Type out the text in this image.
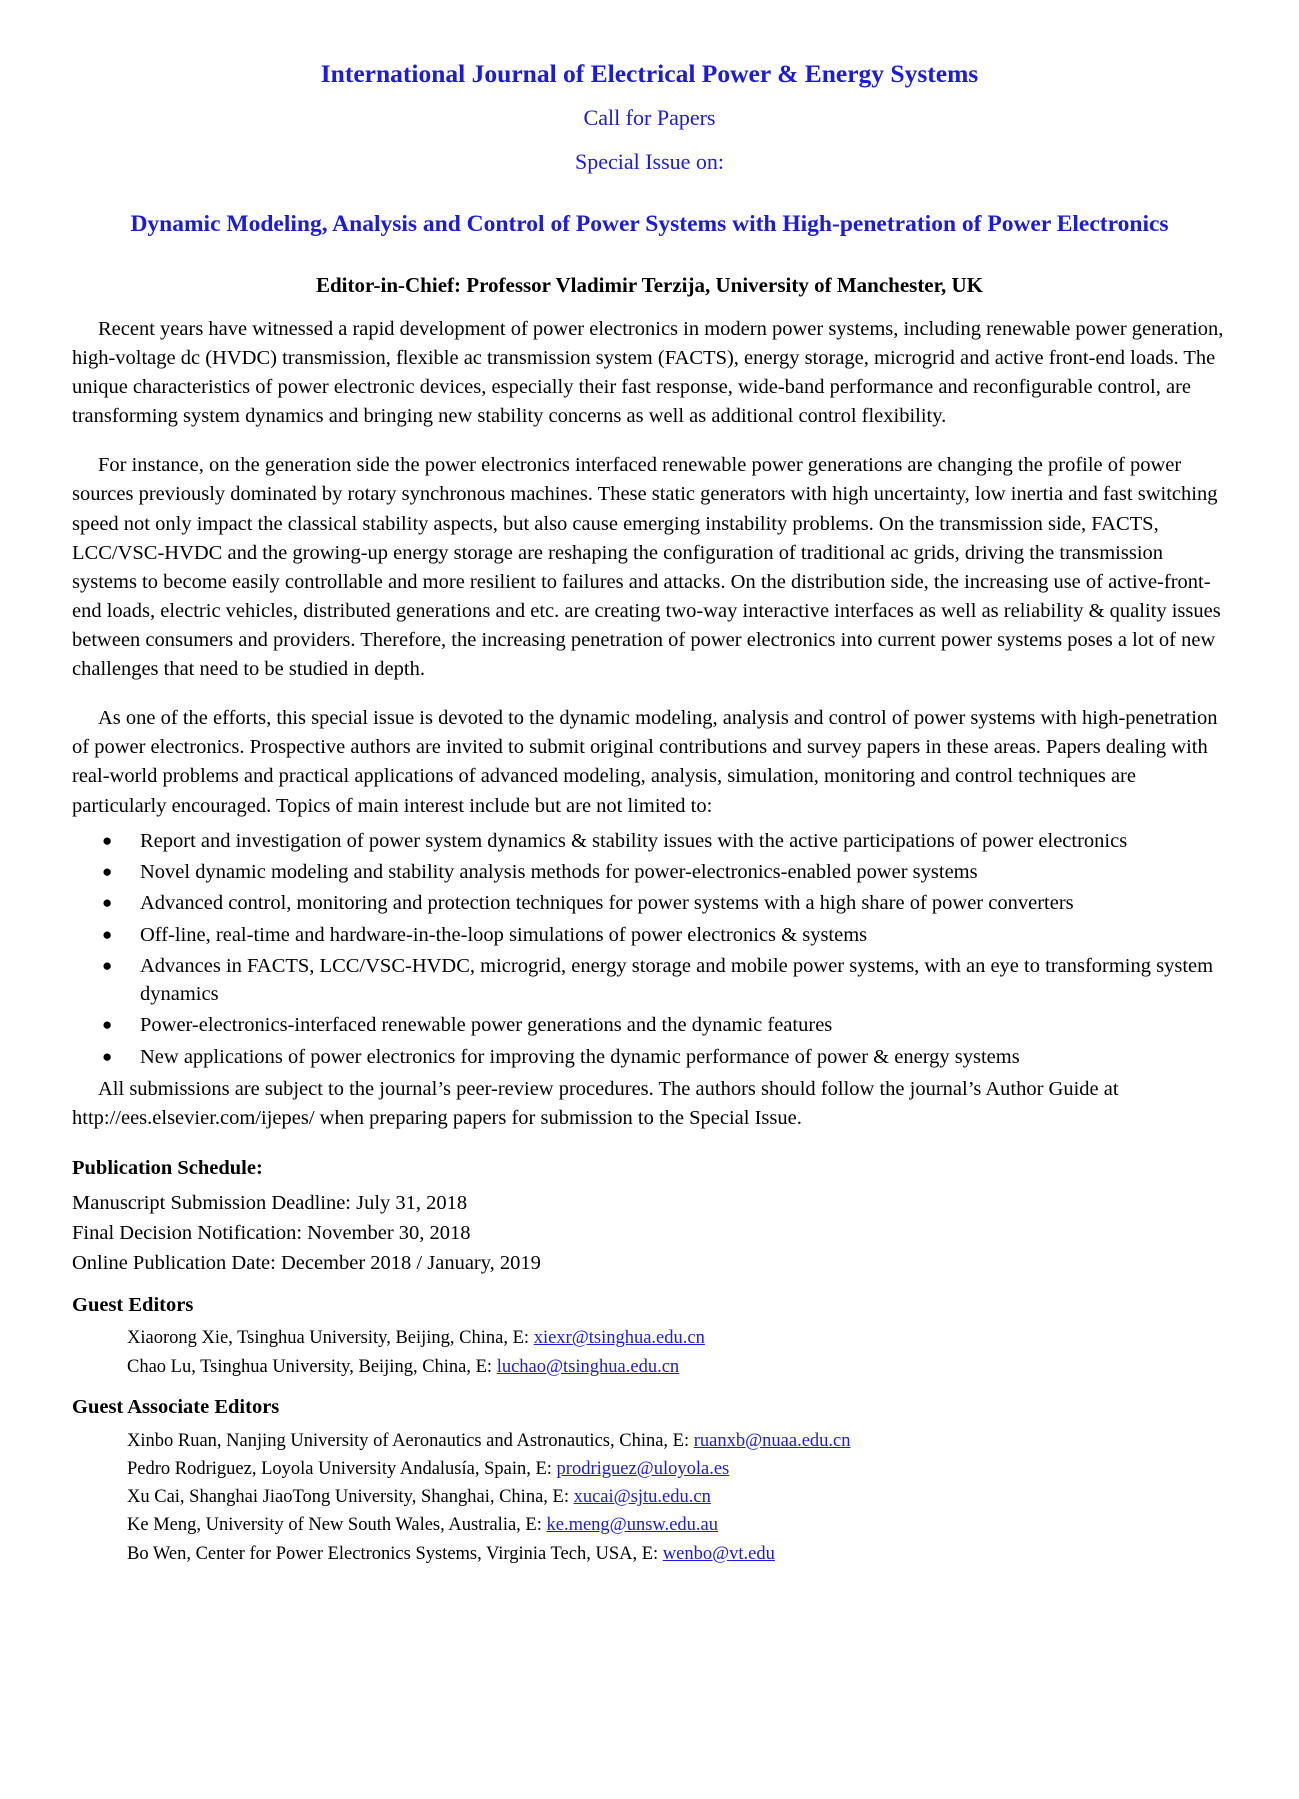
International Journal of Electrical Power & Energy Systems
Call for Papers
Special Issue on:
Dynamic Modeling, Analysis and Control of Power Systems with High-penetration of Power Electronics
Editor-in-Chief: Professor Vladimir Terzija, University of Manchester, UK

Recent years have witnessed a rapid development of power electronics in modern power systems, including renewable power generation, high-voltage dc (HVDC) transmission, flexible ac transmission system (FACTS), energy storage, microgrid and active front-end loads. The unique characteristics of power electronic devices, especially their fast response, wide-band performance and reconfigurable control, are transforming system dynamics and bringing new stability concerns as well as additional control flexibility.

For instance, on the generation side the power electronics interfaced renewable power generations are changing the profile of power sources previously dominated by rotary synchronous machines. These static generators with high uncertainty, low inertia and fast switching speed not only impact the classical stability aspects, but also cause emerging instability problems. On the transmission side, FACTS, LCC/VSC-HVDC and the growing-up energy storage are reshaping the configuration of traditional ac grids, driving the transmission systems to become easily controllable and more resilient to failures and attacks. On the distribution side, the increasing use of active-front-end loads, electric vehicles, distributed generations and etc. are creating two-way interactive interfaces as well as reliability & quality issues between consumers and providers. Therefore, the increasing penetration of power electronics into current power systems poses a lot of new challenges that need to be studied in depth.

As one of the efforts, this special issue is devoted to the dynamic modeling, analysis and control of power systems with high-penetration of power electronics. Prospective authors are invited to submit original contributions and survey papers in these areas. Papers dealing with real-world problems and practical applications of advanced modeling, analysis, simulation, monitoring and control techniques are particularly encouraged. Topics of main interest include but are not limited to:

● Report and investigation of power system dynamics & stability issues with the active participations of power electronics
● Novel dynamic modeling and stability analysis methods for power-electronics-enabled power systems
● Advanced control, monitoring and protection techniques for power systems with a high share of power converters
● Off-line, real-time and hardware-in-the-loop simulations of power electronics & systems
● Advances in FACTS, LCC/VSC-HVDC, microgrid, energy storage and mobile power systems, with an eye to transforming system dynamics
● Power-electronics-interfaced renewable power generations and the dynamic features
● New applications of power electronics for improving the dynamic performance of power & energy systems

All submissions are subject to the journal’s peer-review procedures. The authors should follow the journal’s Author Guide at http://ees.elsevier.com/ijepes/ when preparing papers for submission to the Special Issue.

Publication Schedule:
Manuscript Submission Deadline: July 31, 2018
Final Decision Notification: November 30, 2018
Online Publication Date: December 2018 / January, 2019
Guest Editors
Xiaorong Xie, Tsinghua University, Beijing, China, E: xiexr@tsinghua.edu.cn
Chao Lu, Tsinghua University, Beijing, China, E: luchao@tsinghua.edu.cn
Guest Associate Editors
Xinbo Ruan, Nanjing University of Aeronautics and Astronautics, China, E: ruanxb@nuaa.edu.cn
Pedro Rodriguez, Loyola University Andalusía, Spain, E: prodriguez@uloyola.es
Xu Cai, Shanghai JiaoTong University, Shanghai, China, E: xucai@sjtu.edu.cn
Ke Meng, University of New South Wales, Australia, E: ke.meng@unsw.edu.au
Bo Wen, Center for Power Electronics Systems, Virginia Tech, USA, E: wenbo@vt.edu
